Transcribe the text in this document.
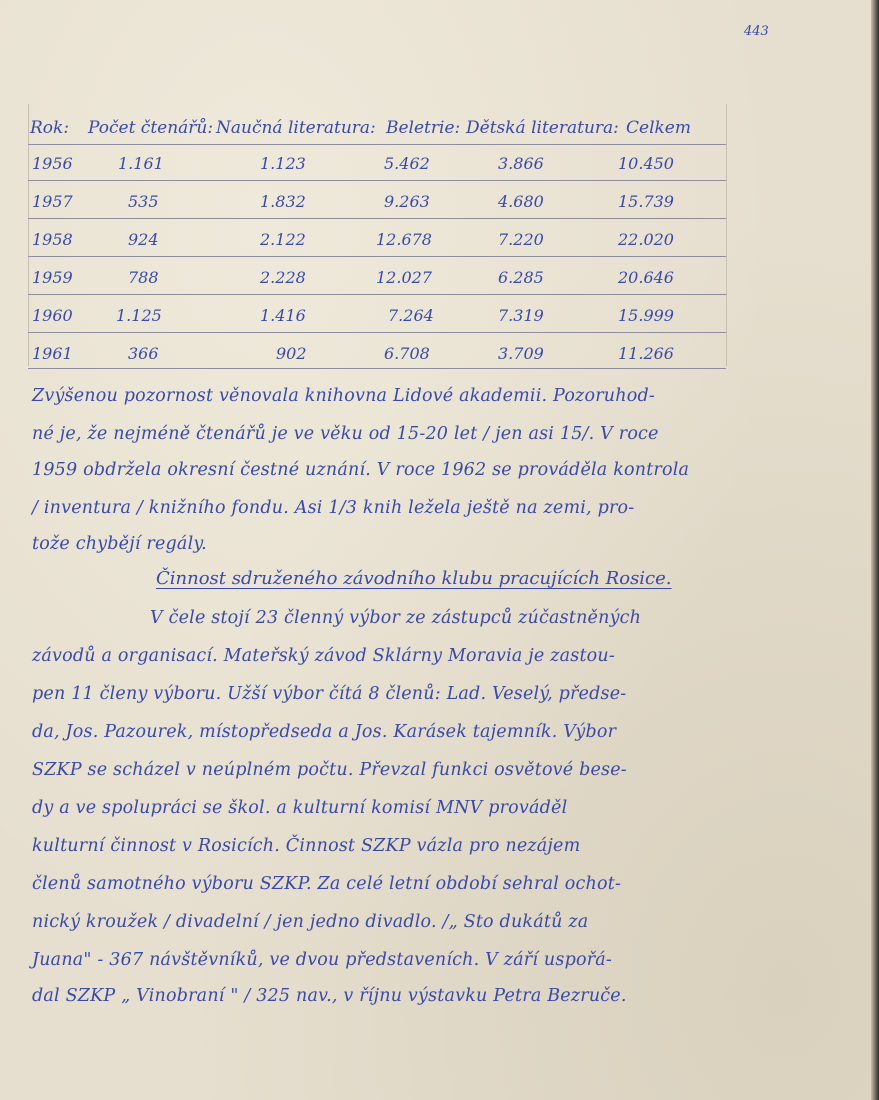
443
Rok: Počet čtenářů: Naučná literatura: Beletrie: Dětská literatura: Celkem
1956	1.161	1.123	5.462	3.866	10.450
1957	535	1.832	9.263	4.680	15.739
1958	924	2.122	12.678	7.220	22.020
1959	788	2.228	12.027	6.285	20.646
1960	1.125	1.416	7.264	7.319	15.999
1961	366	902	6.708	3.709	11.266
Zvýšenou pozornost věnovala knihovna Lidové akademii. Pozoruhod-
né je, že nejméně čtenářů je ve věku od 15-20 let / jen asi 15/. V roce
1959 obdržela okresní čestné uznání. V roce 1962 se prováděla kontrola
/ inventura / knižního fondu. Asi 1/3 knih ležela ještě na zemi, pro-
tože chybějí regály.
Činnost sdruženého závodního klubu pracujících Rosice.
V čele stojí 23 členný výbor ze zástupců zúčastněných
závodů a organisací. Mateřský závod Sklárny Moravia je zastou-
pen 11 členy výboru. Užší výbor čítá 8 členů: Lad. Veselý, předse-
da, Jos. Pazourek, místopředseda a Jos. Karásek tajemník. Výbor
SZKP se scházel v neúplném počtu. Převzal funkci osvětové bese-
dy a ve spolupráci se škol. a kulturní komisí MNV prováděl
kulturní činnost v Rosicích. Činnost SZKP vázla pro nezájem
členů samotného výboru SZKP. Za celé letní období sehral ochot-
nický kroužek / divadelní / jen jedno divadlo. /„ Sto dukátů za
Juana" - 367 návštěvníků, ve dvou představeních. V září uspořá-
dal SZKP „ Vinobraní " / 325 nav., v říjnu výstavku Petra Bezruče.
